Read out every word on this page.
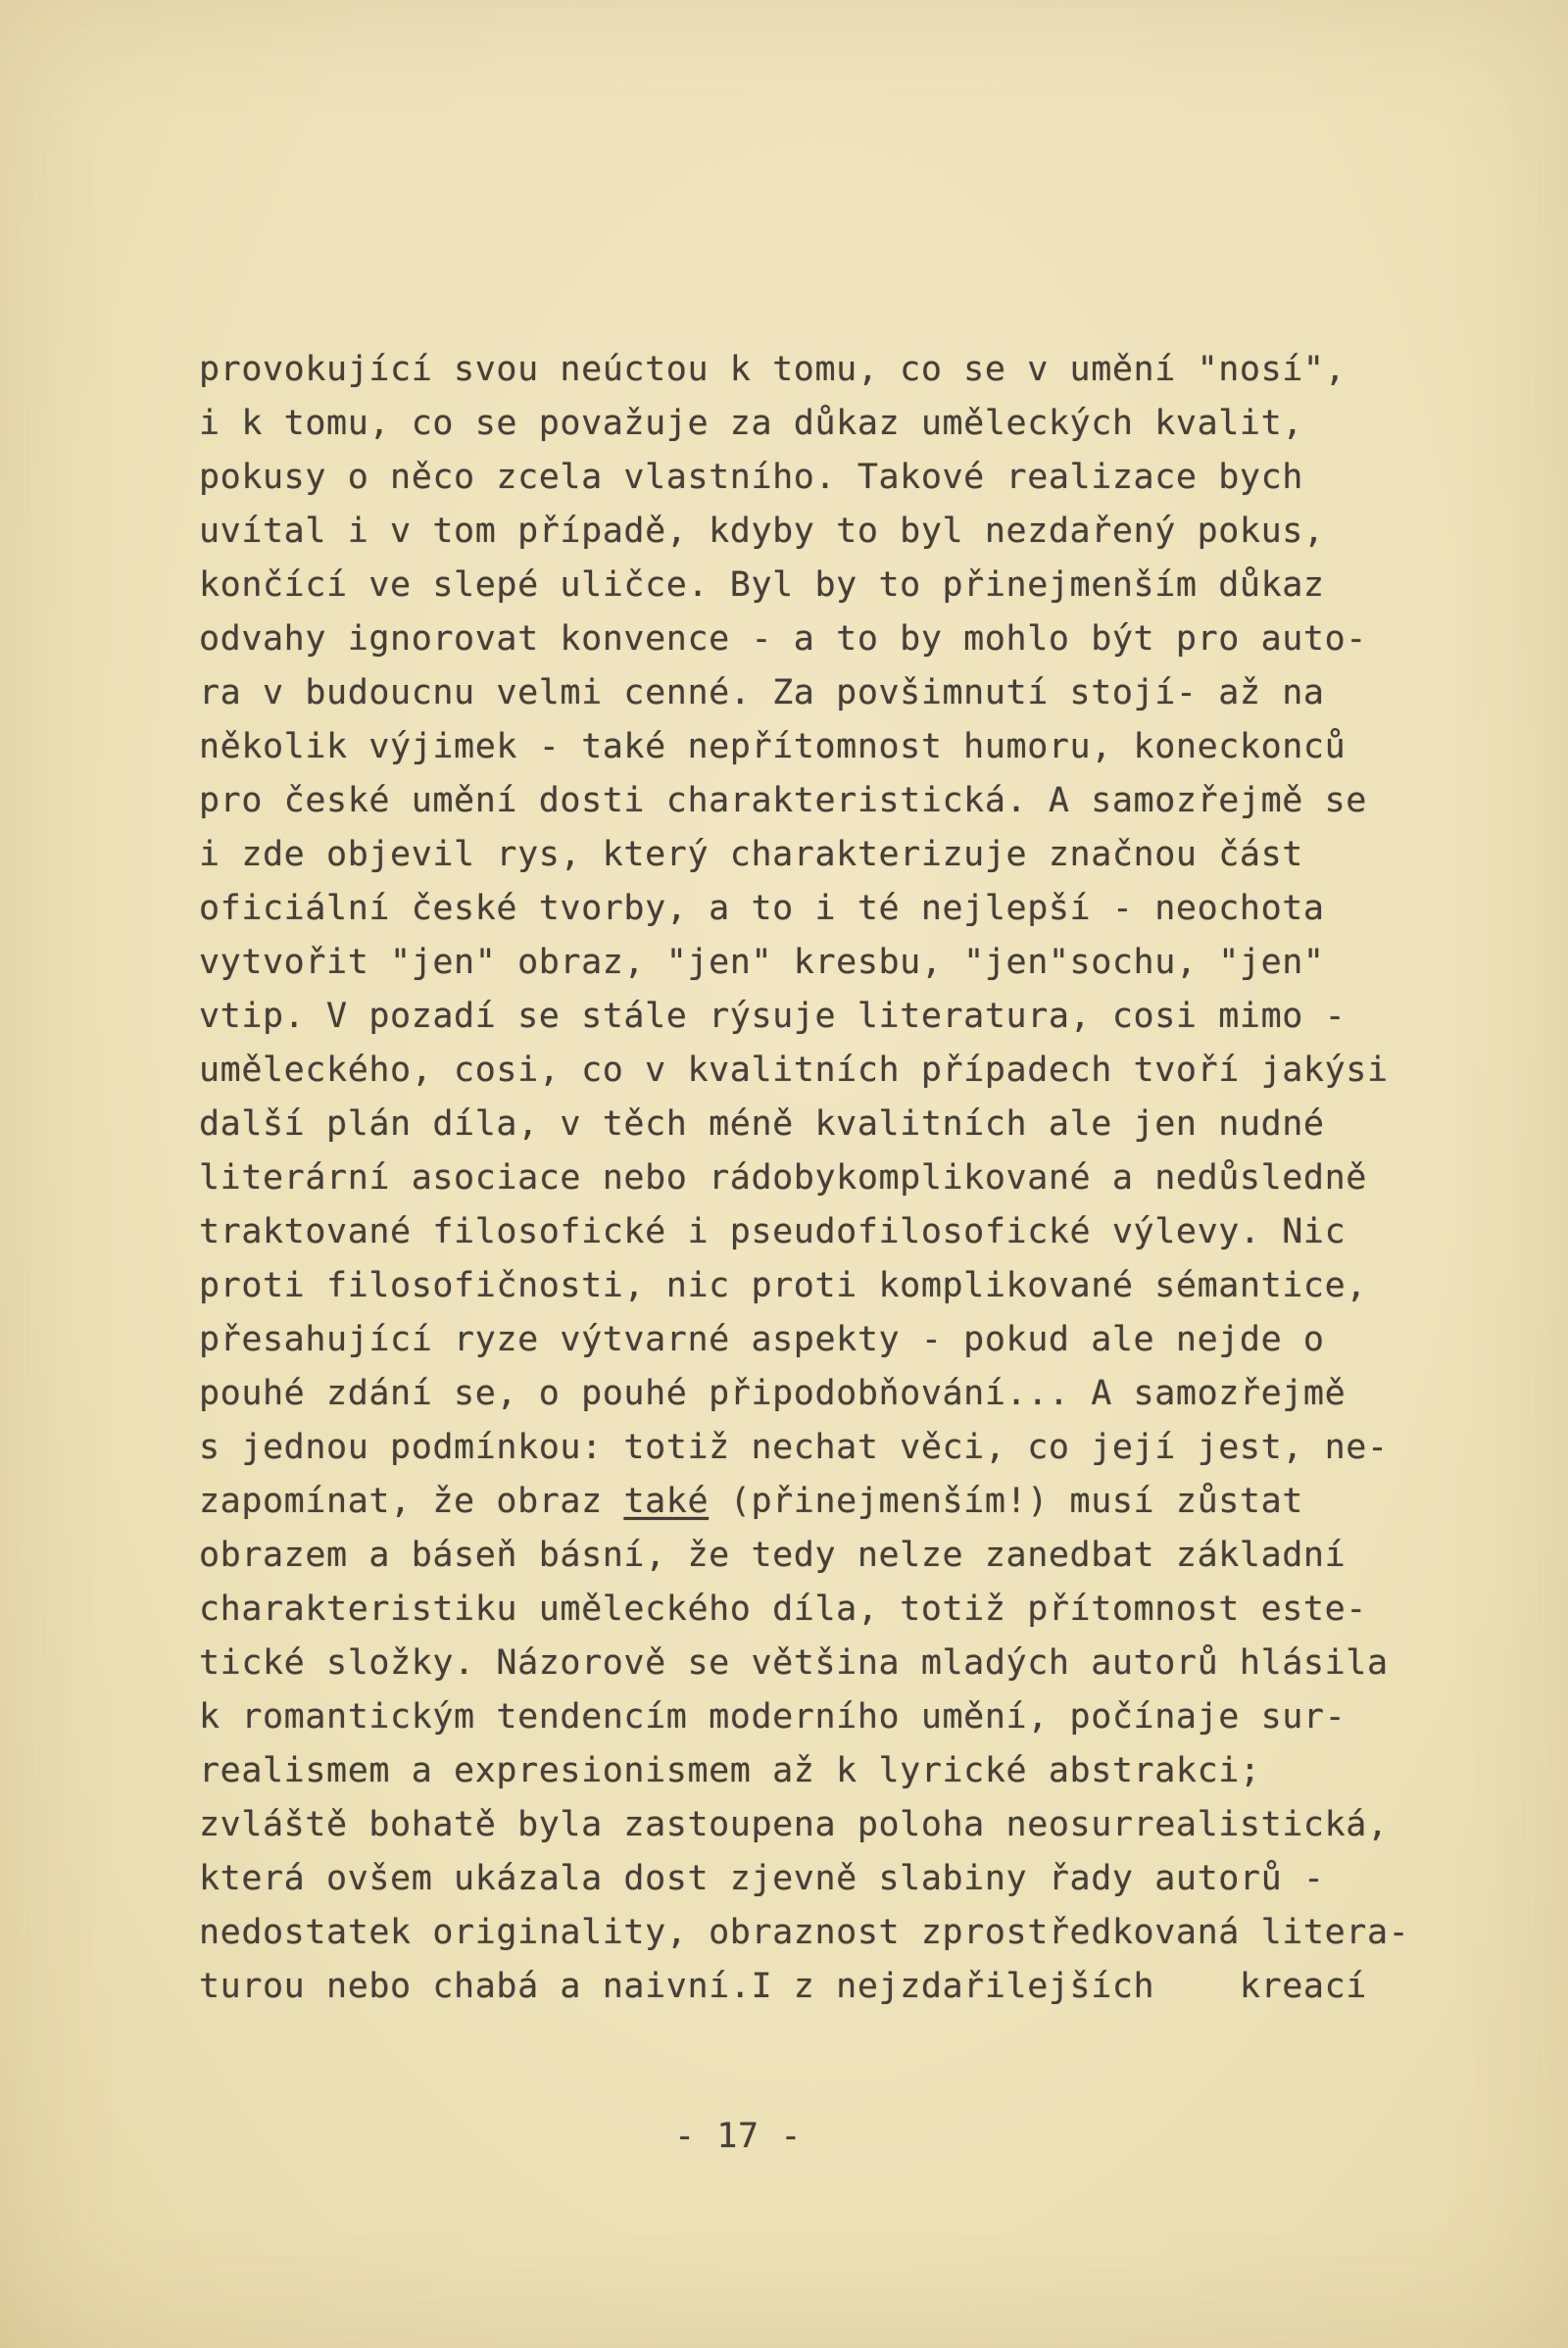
provokující svou neúctou k tomu, co se v umění "nosí",
i k tomu, co se považuje za důkaz uměleckých kvalit,
pokusy o něco zcela vlastního. Takové realizace bych
uvítal i v tom případě, kdyby to byl nezdařený pokus,
končící ve slepé uličce. Byl by to přinejmenším důkaz
odvahy ignorovat konvence - a to by mohlo být pro auto-
ra v budoucnu velmi cenné. Za povšimnutí stojí- až na
několik výjimek - také nepřítomnost humoru, koneckonců
pro české umění dosti charakteristická. A samozřejmě se
i zde objevil rys, který charakterizuje značnou část
oficiální české tvorby, a to i té nejlepší - neochota
vytvořit "jen" obraz, "jen" kresbu, "jen"sochu, "jen"
vtip. V pozadí se stále rýsuje literatura, cosi mimo -
uměleckého, cosi, co v kvalitních případech tvoří jakýsi
další plán díla, v těch méně kvalitních ale jen nudné
literární asociace nebo rádobykomplikované a nedůsledně
traktované filosofické i pseudofilosofické výlevy. Nic
proti filosofičnosti, nic proti komplikované sémantice,
přesahující ryze výtvarné aspekty - pokud ale nejde o
pouhé zdání se, o pouhé připodobňování... A samozřejmě
s jednou podmínkou: totiž nechat věci, co její jest, ne-
zapomínat, že obraz také (přinejmenším!) musí zůstat
obrazem a báseň básní, že tedy nelze zanedbat základní
charakteristiku uměleckého díla, totiž přítomnost este-
tické složky. Názorově se většina mladých autorů hlásila
k romantickým tendencím moderního umění, počínaje sur-
realismem a expresionismem až k lyrické abstrakci;
zvláště bohatě byla zastoupena poloha neosurrealistická,
která ovšem ukázala dost zjevně slabiny řady autorů -
nedostatek originality, obraznost zprostředkovaná litera-
turou nebo chabá a naivní.I z nejzdařilejších    kreací
- 17 -
